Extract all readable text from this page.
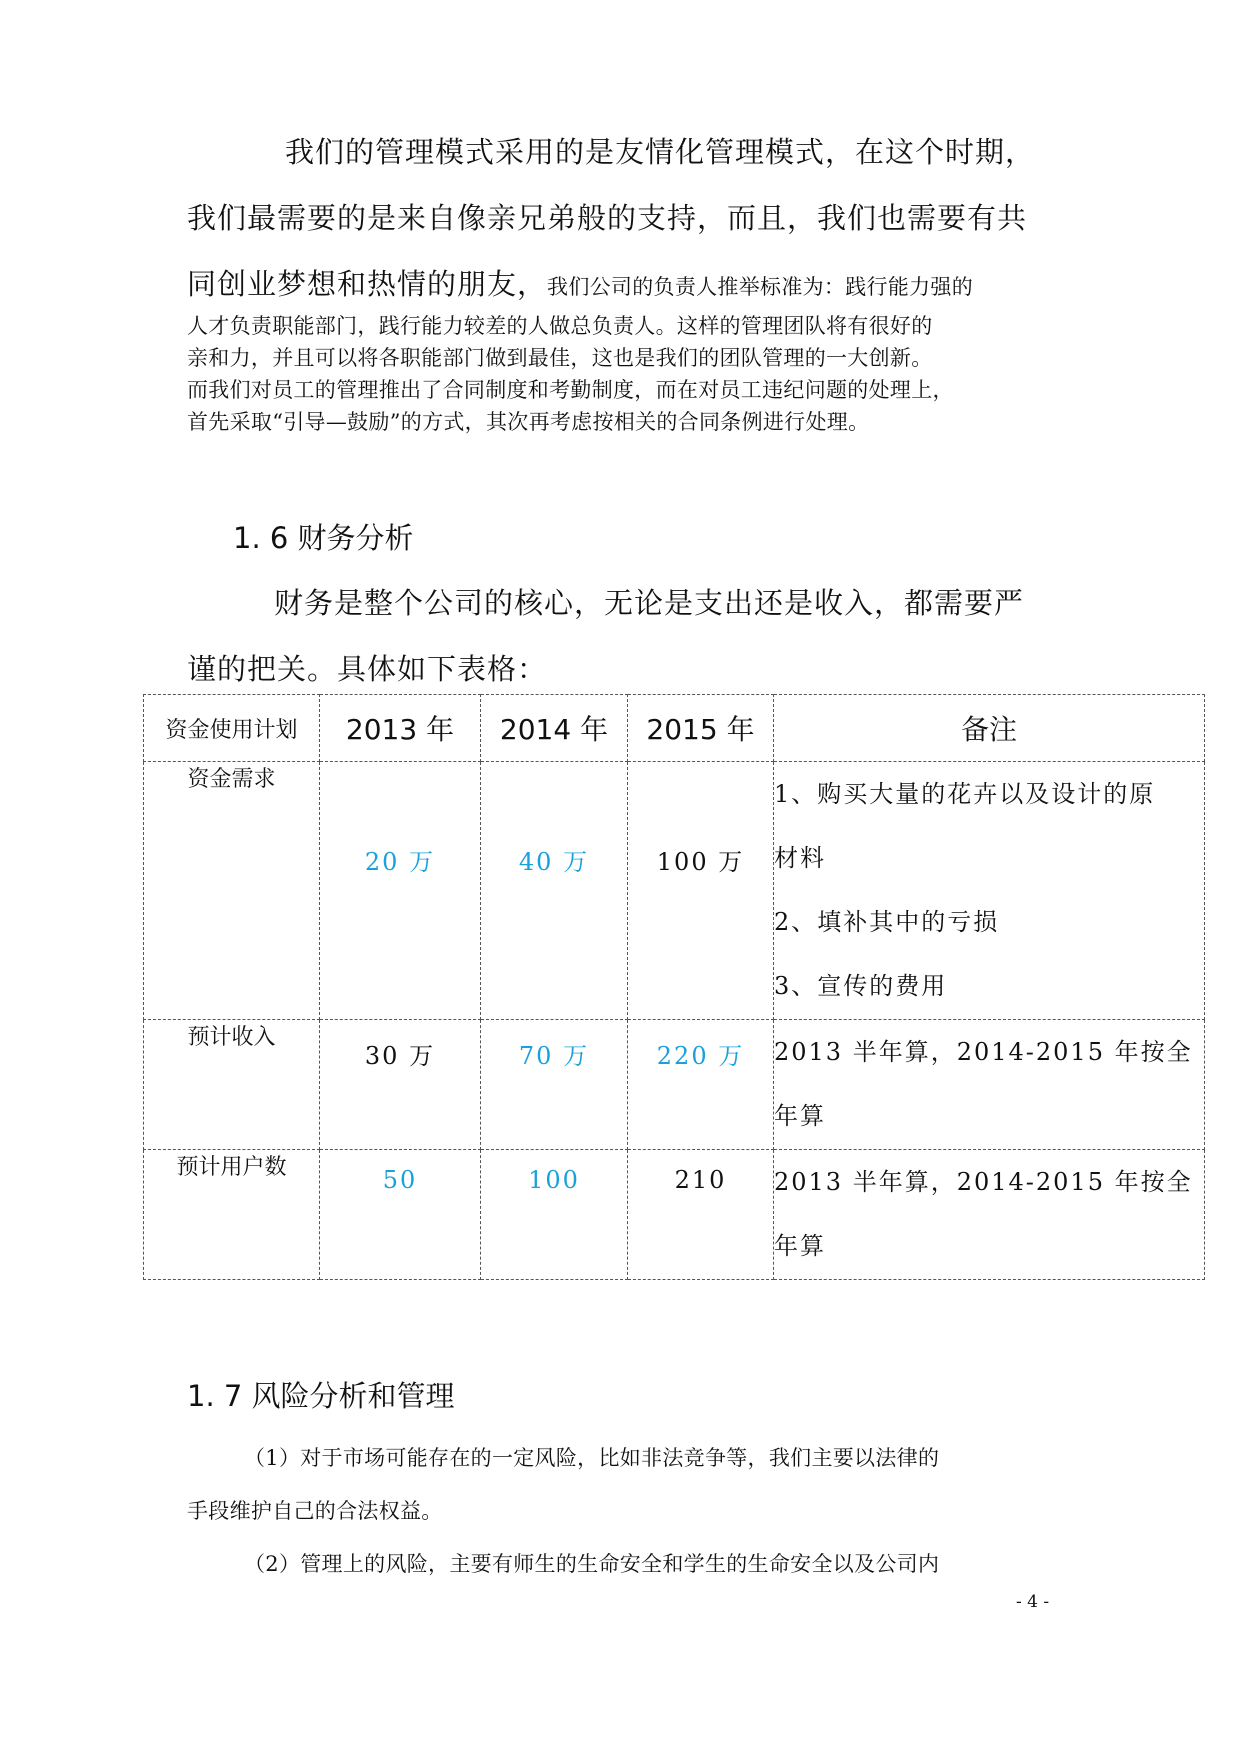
我们的管理模式采用的是友情化管理模式，在这个时期，
我们最需要的是来自像亲兄弟般的支持，而且，我们也需要有共
同创业梦想和热情的朋友，我们公司的负责人推举标准为：践行能力强的
人才负责职能部门，践行能力较差的人做总负责人。这样的管理团队将有很好的
亲和力，并且可以将各职能部门做到最佳，这也是我们的团队管理的一大创新。
而我们对员工的管理推出了合同制度和考勤制度，而在对员工违纪问题的处理上，
首先采取“引导—鼓励”的方式，其次再考虑按相关的合同条例进行处理。
1. 6 财务分析
财务是整个公司的核心，无论是支出还是收入，都需要严
谨的把关。具体如下表格：
资金使用计划	2013 年	2014 年	2015 年	备注
资金需求	20 万	40 万	100 万	1、购买大量的花卉以及设计的原
材料
2、填补其中的亏损
3、宣传的费用

预计收入	30 万	70 万	220 万	2013 半年算，2014-2015 年按全
年算

预计用户数	50	100	210	2013 半年算，2014-2015 年按全
年算
1. 7 风险分析和管理
（1）对于市场可能存在的一定风险，比如非法竞争等，我们主要以法律的
手段维护自己的合法权益。
（2）管理上的风险，主要有师生的生命安全和学生的生命安全以及公司内
- 4 -
